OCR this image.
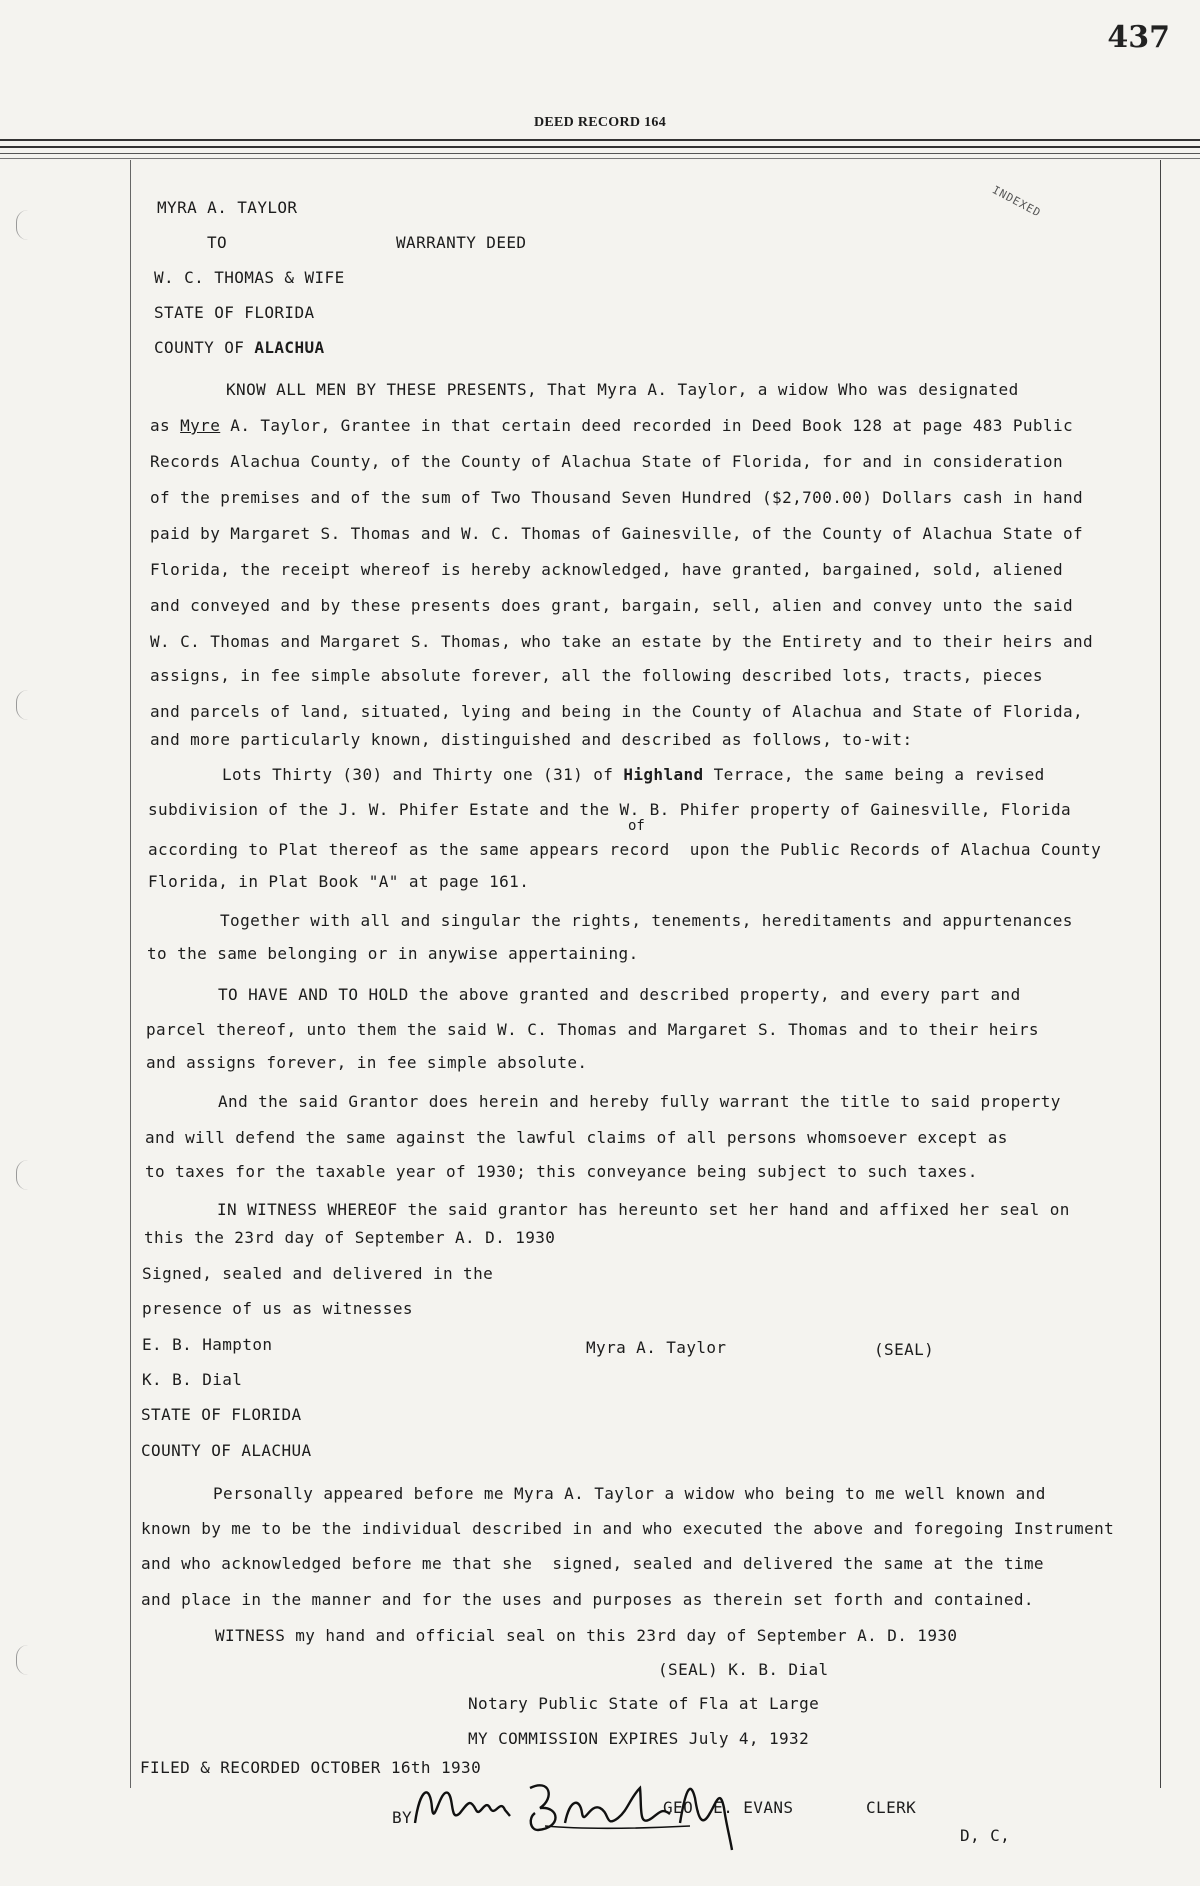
437
DEED RECORD 164
INDEXED
MYRA A. TAYLOR
TO	WARRANTY DEED
W. C. THOMAS & WIFE
STATE OF FLORIDA
COUNTY OF ALACHUA
KNOW ALL MEN BY THESE PRESENTS, That Myra A. Taylor, a widow Who was designated
as Myre A. Taylor, Grantee in that certain deed recorded in Deed Book 128 at page 483 Public
Records Alachua County, of the County of Alachua State of Florida, for and in consideration
of the premises and of the sum of Two Thousand Seven Hundred ($2,700.00) Dollars cash in hand
paid by Margaret S. Thomas and W. C. Thomas of Gainesville, of the County of Alachua State of
Florida, the receipt whereof is hereby acknowledged, have granted, bargained, sold, aliened
and conveyed and by these presents does grant, bargain, sell, alien and convey unto the said
W. C. Thomas and Margaret S. Thomas, who take an estate by the Entirety and to their heirs and
assigns, in fee simple absolute forever, all the following described lots, tracts, pieces
and parcels of land, situated, lying and being in the County of Alachua and State of Florida,
and more particularly known, distinguished and described as follows, to-wit:
Lots Thirty (30) and Thirty one (31) of Highland Terrace, the same being a revised
subdivision of the J. W. Phifer Estate and the W. B. Phifer property of Gainesville, Florida
of
according to Plat thereof as the same appears record  upon the Public Records of Alachua County
Florida, in Plat Book "A" at page 161.
Together with all and singular the rights, tenements, hereditaments and appurtenances
to the same belonging or in anywise appertaining.
TO HAVE AND TO HOLD the above granted and described property, and every part and
parcel thereof, unto them the said W. C. Thomas and Margaret S. Thomas and to their heirs
and assigns forever, in fee simple absolute.
And the said Grantor does herein and hereby fully warrant the title to said property
and will defend the same against the lawful claims of all persons whomsoever except as
to taxes for the taxable year of 1930; this conveyance being subject to such taxes.
IN WITNESS WHEREOF the said grantor has hereunto set her hand and affixed her seal on
this the 23rd day of September A. D. 1930
Signed, sealed and delivered in the
presence of us as witnesses
E. B. Hampton	Myra A. Taylor	(SEAL)
K. B. Dial
STATE OF FLORIDA
COUNTY OF ALACHUA
Personally appeared before me Myra A. Taylor a widow who being to me well known and
known by me to be the individual described in and who executed the above and foregoing Instrument
and who acknowledged before me that she  signed, sealed and delivered the same at the time
and place in the manner and for the uses and purposes as therein set forth and contained.
WITNESS my hand and official seal on this 23rd day of September A. D. 1930
(SEAL) K. B. Dial
Notary Public State of Fla at Large
MY COMMISSION EXPIRES July 4, 1932
FILED & RECORDED OCTOBER 16th 1930
BY
GEO. E. EVANS	CLERK
D, C,
